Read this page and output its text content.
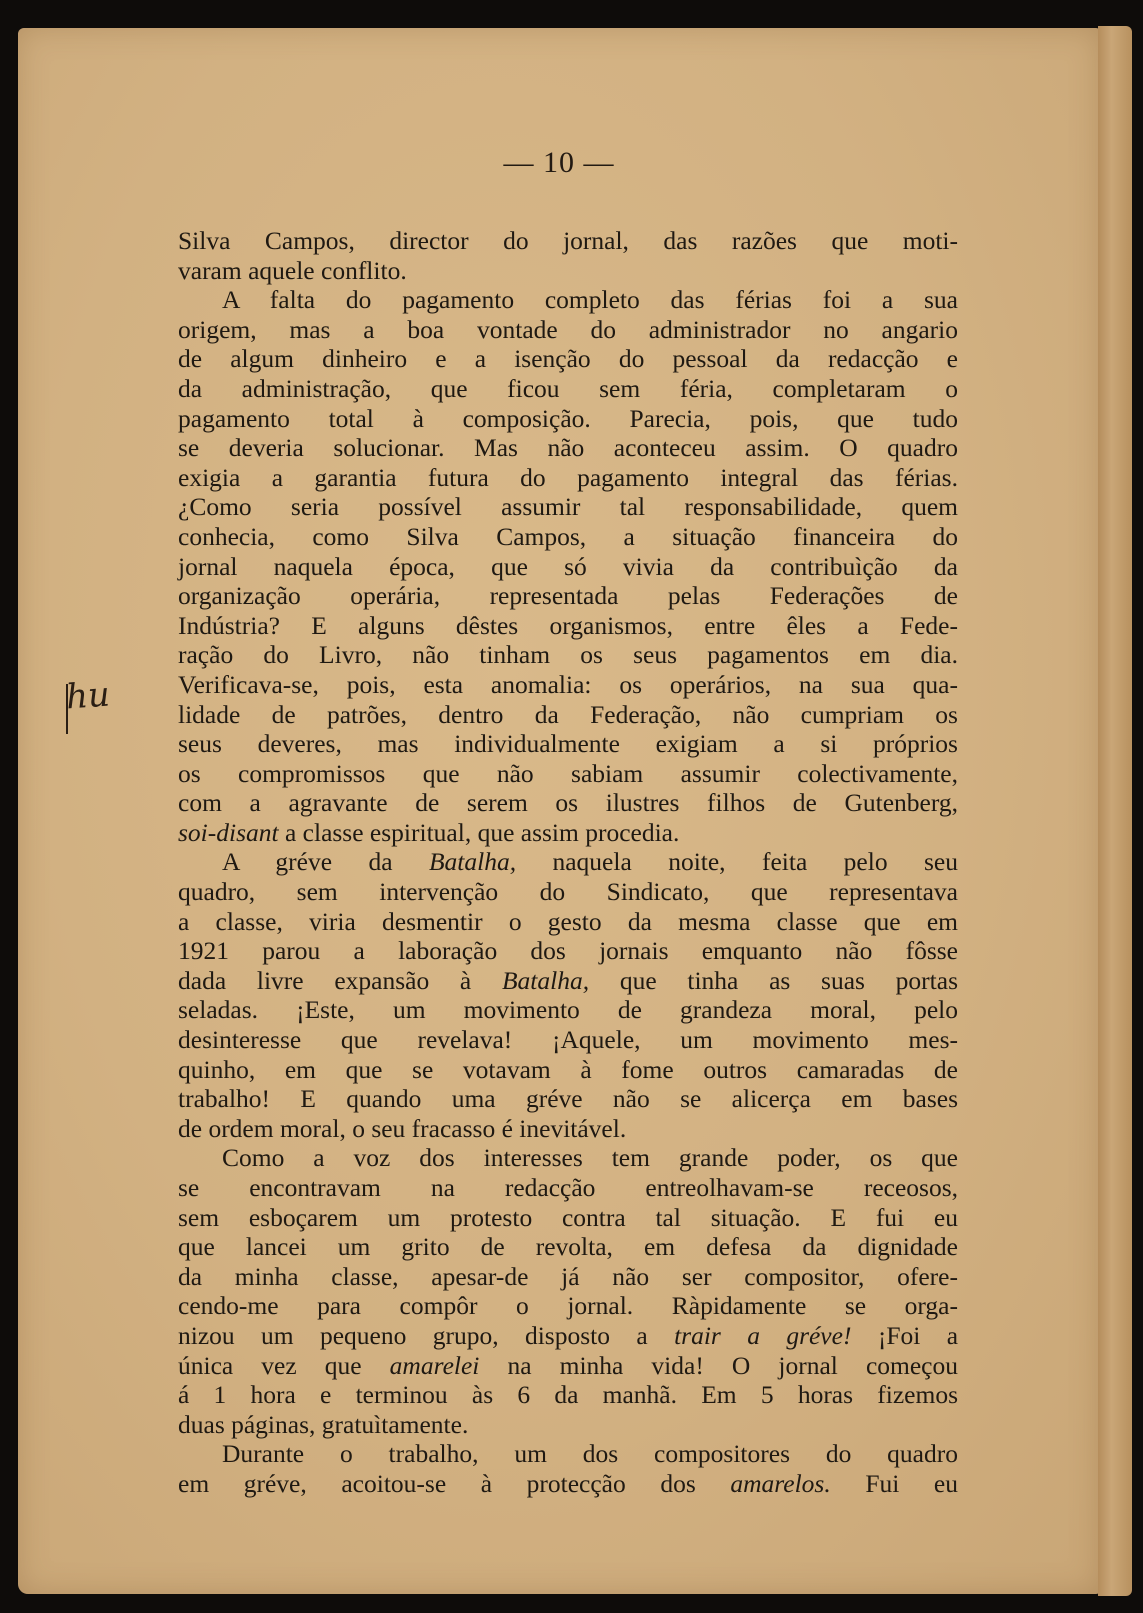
— 10 —
hu
Silva Campos, director do jornal, das razões que moti-
varam aquele conflito.
A falta do pagamento completo das férias foi a sua
origem, mas a boa vontade do administrador no angario
de algum dinheiro e a isenção do pessoal da redacção e
da administração, que ficou sem féria, completaram o
pagamento total à composição. Parecia, pois, que tudo
se deveria solucionar. Mas não aconteceu assim. O quadro
exigia a garantia futura do pagamento integral das férias.
¿Como seria possível assumir tal responsabilidade, quem
conhecia, como Silva Campos, a situação financeira do
jornal naquela época, que só vivia da contribuìção da
organização operária, representada pelas Federações de
Indústria? E alguns dêstes organismos, entre êles a Fede-
ração do Livro, não tinham os seus pagamentos em dia.
Verificava-se, pois, esta anomalia: os operários, na sua qua-
lidade de patrões, dentro da Federação, não cumpriam os
seus deveres, mas individualmente exigiam a si próprios
os compromissos que não sabiam assumir colectivamente,
com a agravante de serem os ilustres filhos de Gutenberg,
soi-disant a classe espiritual, que assim procedia.
A gréve da Batalha, naquela noite, feita pelo seu
quadro, sem intervenção do Sindicato, que representava
a classe, viria desmentir o gesto da mesma classe que em
1921 parou a laboração dos jornais emquanto não fôsse
dada livre expansão à Batalha, que tinha as suas portas
seladas. ¡Este, um movimento de grandeza moral, pelo
desinteresse que revelava! ¡Aquele, um movimento mes-
quinho, em que se votavam à fome outros camaradas de
trabalho! E quando uma gréve não se alicerça em bases
de ordem moral, o seu fracasso é inevitável.
Como a voz dos interesses tem grande poder, os que
se encontravam na redacção entreolhavam-se receosos,
sem esboçarem um protesto contra tal situação. E fui eu
que lancei um grito de revolta, em defesa da dignidade
da minha classe, apesar-de já não ser compositor, ofere-
cendo-me para compôr o jornal. Ràpidamente se orga-
nizou um pequeno grupo, disposto a trair a gréve! ¡Foi a
única vez que amarelei na minha vida! O jornal começou
á 1 hora e terminou às 6 da manhã. Em 5 horas fizemos
duas páginas, gratuìtamente.
Durante o trabalho, um dos compositores do quadro
em gréve, acoitou-se à protecção dos amarelos. Fui eu
